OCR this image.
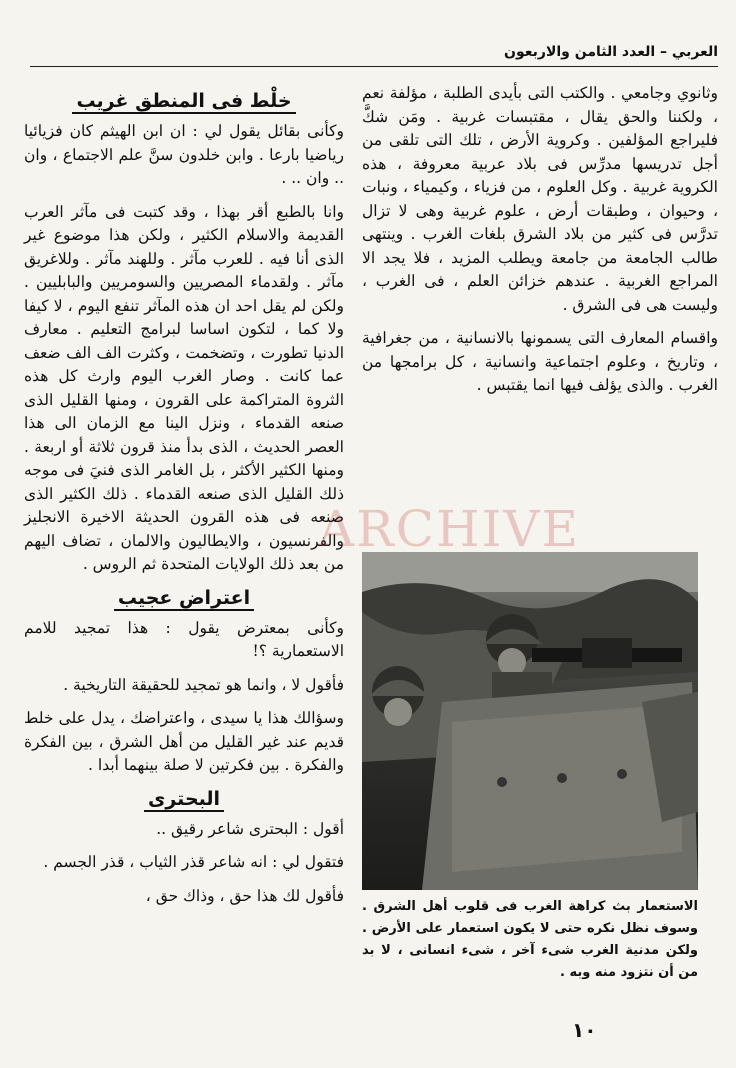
العربي – العدد الثامن والاربعون

وثانوي وجامعي . والكتب التى بأيدى الطلبة ، مؤلفة نعم ، ولكننا والحق يقال ، مقتبسات غربية . ومَن شكَّ فليراجع المؤلفين . وكروية الأرض ، تلك التى تلقى من أجل تدريسها مدرِّس فى بلاد عربية معروفة ، هذه الكروية غربية . وكل العلوم ، من فزياء ، وكيمياء ، ونبات ، وحيوان ، وطبقات أرض ، علوم غربية وهى لا تزال تدرَّس فى كثير من بلاد الشرق بلغات الغرب . وينتهى طالب الجامعة من جامعة ويطلب المزيد ، فلا يجد الا المراجع الغربية . عندهم خزائن العلم ، فى الغرب ، وليست هى فى الشرق .

واقسام المعارف التى يسمونها بالانسانية ، من جغرافية ، وتاريخ ، وعلوم اجتماعية وانسانية ، كل برامجها من الغرب . والذى يؤلف فيها انما يقتبس .

خلْط فى المنطق غريب

وكأنى بقائل يقول لي : ان ابن الهيثم كان فزيائيا رياضيا بارعا . وابن خلدون سنَّ علم الاجتماع ، وان .. وان .. .

وانا بالطبع أقر بهذا ، وقد كتبت فى مآثر العرب القديمة والاسلام الكثير ، ولكن هذا موضوع غير الذى أنا فيه . للعرب مآثر . وللهند مآثر . وللاغريق مآثر . ولقدماء المصريين والسومريين والبابليين . ولكن لم يقل احد ان هذه المآثر تنفع اليوم ، لا كيفا ولا كما ، لتكون اساسا لبرامج التعليم . معارف الدنيا تطورت ، وتضخمت ، وكثرت الف الف ضعف عما كانت . وصار الغرب اليوم وارث كل هذه الثروة المتراكمة على القرون ، ومنها القليل الذى صنعه القدماء ، ونزل الينا مع الزمان الى هذا العصر الحديث ، الذى بدأ منذ قرون ثلاثة أو اربعة . ومنها الكثير الأكثر ، بل الغامر الذى فنيَ فى موجه ذلك القليل الذى صنعه القدماء . ذلك الكثير الذى صنعه فى هذه القرون الحديثة الاخيرة الانجليز والفرنسيون ، والايطاليون والالمان ، تضاف اليهم من بعد ذلك الولايات المتحدة ثم الروس .

اعتراض عجيب

وكأنى بمعترض يقول : هذا تمجيد للامم الاستعمارية ؟!

فأقول لا ، وانما هو تمجيد للحقيقة التاريخية .

وسؤالك هذا يا سيدى ، واعتراضك ، يدل على خلط قديم عند غير القليل من أهل الشرق ، بين الفكرة والفكرة . بين فكرتين لا صلة بينهما أبدا .

البحترى

أقول : البحترى شاعر رقيق ..

فتقول لي : انه شاعر قذر الثياب ، قذر الجسم .

فأقول لك هذا حق ، وذاك حق ،

ARCHIVE
الاستعمار بث كراهة الغرب فى قلوب أهل الشرق . وسوف نظل نكره حتى لا يكون استعمار على الأرض . ولكن مدنية الغرب شىء آخر ، شىء انسانى ، لا بد من أن نتزود منه وبه .
١٠
